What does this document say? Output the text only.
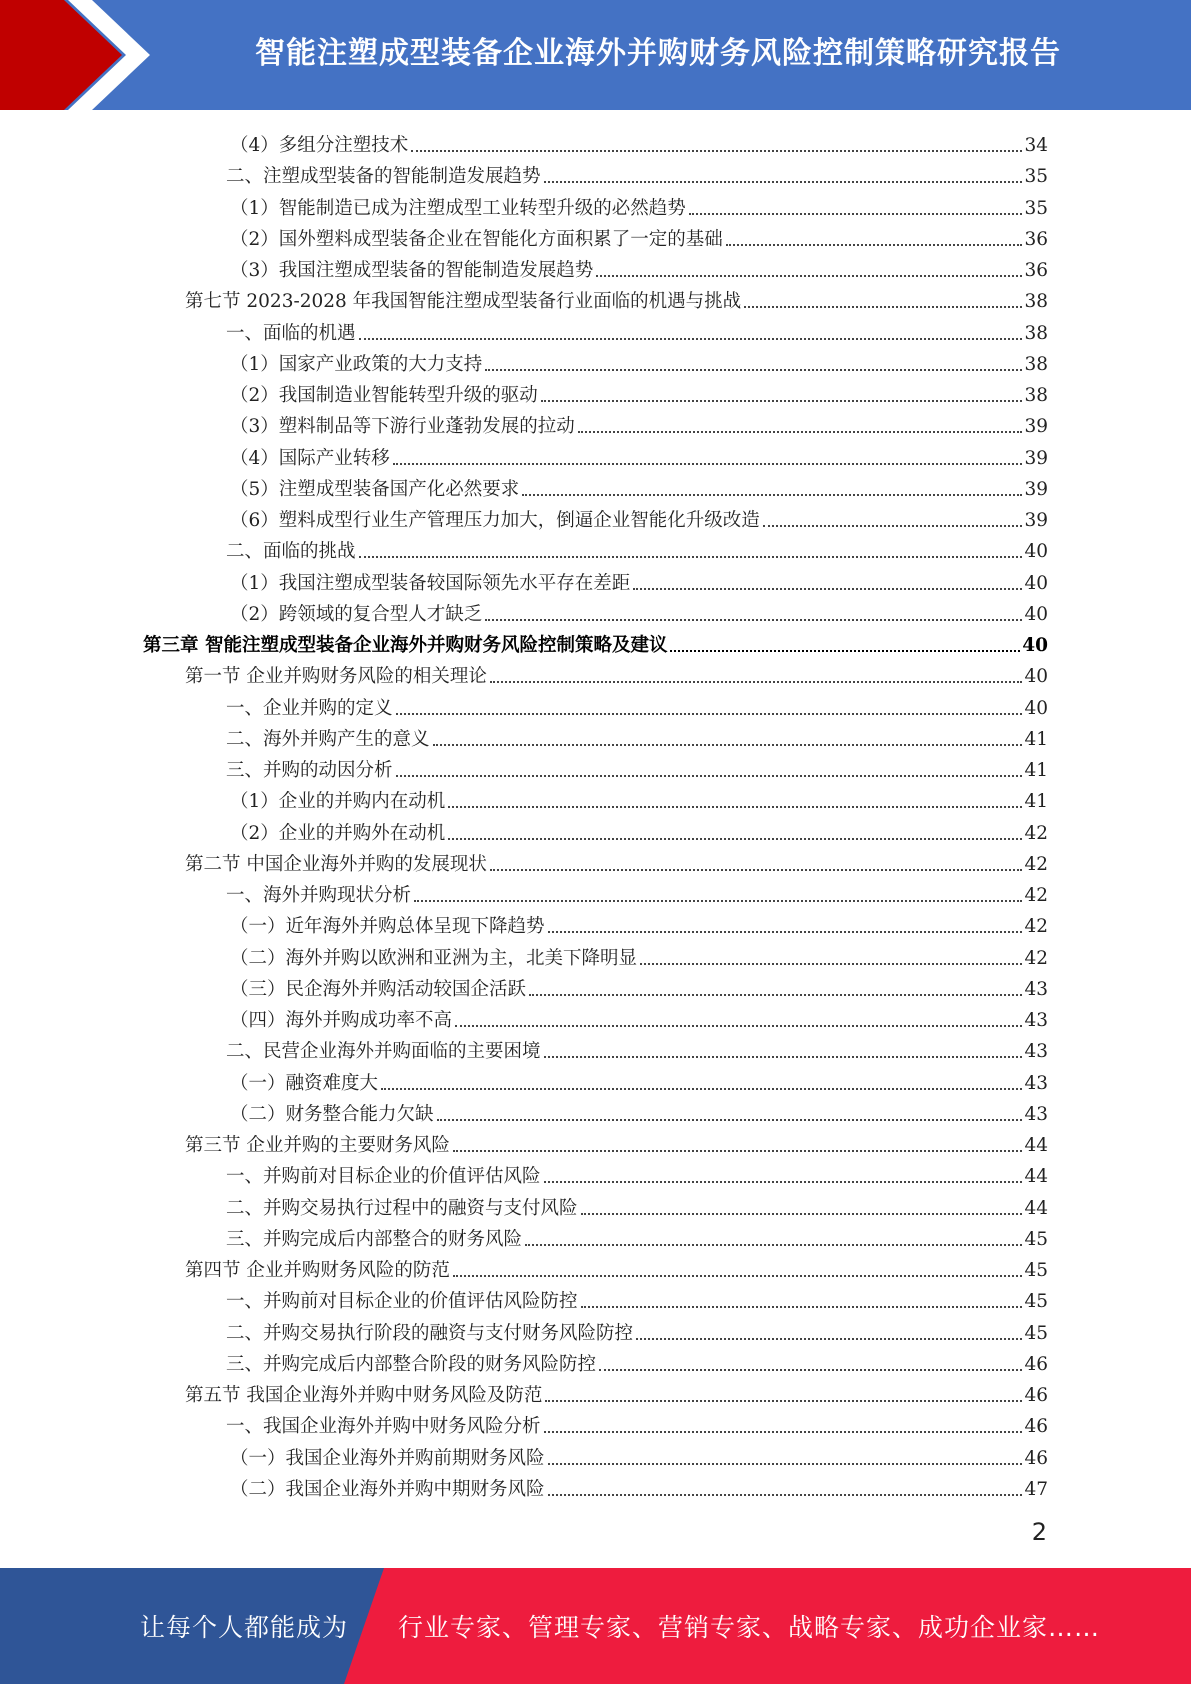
智能注塑成型装备企业海外并购财务风险控制策略研究报告
（4）多组分注塑技术	34
二、注塑成型装备的智能制造发展趋势	35
（1）智能制造已成为注塑成型工业转型升级的必然趋势	35
（2）国外塑料成型装备企业在智能化方面积累了一定的基础	36
（3）我国注塑成型装备的智能制造发展趋势	36
第七节 2023-2028 年我国智能注塑成型装备行业面临的机遇与挑战	38
一、面临的机遇	38
（1）国家产业政策的大力支持	38
（2）我国制造业智能转型升级的驱动	38
（3）塑料制品等下游行业蓬勃发展的拉动	39
（4）国际产业转移	39
（5）注塑成型装备国产化必然要求	39
（6）塑料成型行业生产管理压力加大，倒逼企业智能化升级改造	39
二、面临的挑战	40
（1）我国注塑成型装备较国际领先水平存在差距	40
（2）跨领域的复合型人才缺乏	40
第三章 智能注塑成型装备企业海外并购财务风险控制策略及建议	40
第一节 企业并购财务风险的相关理论	40
一、企业并购的定义	40
二、海外并购产生的意义	41
三、并购的动因分析	41
（1）企业的并购内在动机	41
（2）企业的并购外在动机	42
第二节 中国企业海外并购的发展现状	42
一、海外并购现状分析	42
（一）近年海外并购总体呈现下降趋势	42
（二）海外并购以欧洲和亚洲为主，北美下降明显	42
（三）民企海外并购活动较国企活跃	43
（四）海外并购成功率不高	43
二、民营企业海外并购面临的主要困境	43
（一）融资难度大	43
（二）财务整合能力欠缺	43
第三节 企业并购的主要财务风险	44
一、并购前对目标企业的价值评估风险	44
二、并购交易执行过程中的融资与支付风险	44
三、并购完成后内部整合的财务风险	45
第四节 企业并购财务风险的防范	45
一、并购前对目标企业的价值评估风险防控	45
二、并购交易执行阶段的融资与支付财务风险防控	45
三、并购完成后内部整合阶段的财务风险防控	46
第五节 我国企业海外并购中财务风险及防范	46
一、我国企业海外并购中财务风险分析	46
（一）我国企业海外并购前期财务风险	46
（二）我国企业海外并购中期财务风险	47
2
让每个人都能成为 行业专家、管理专家、营销专家、战略专家、成功企业家……
